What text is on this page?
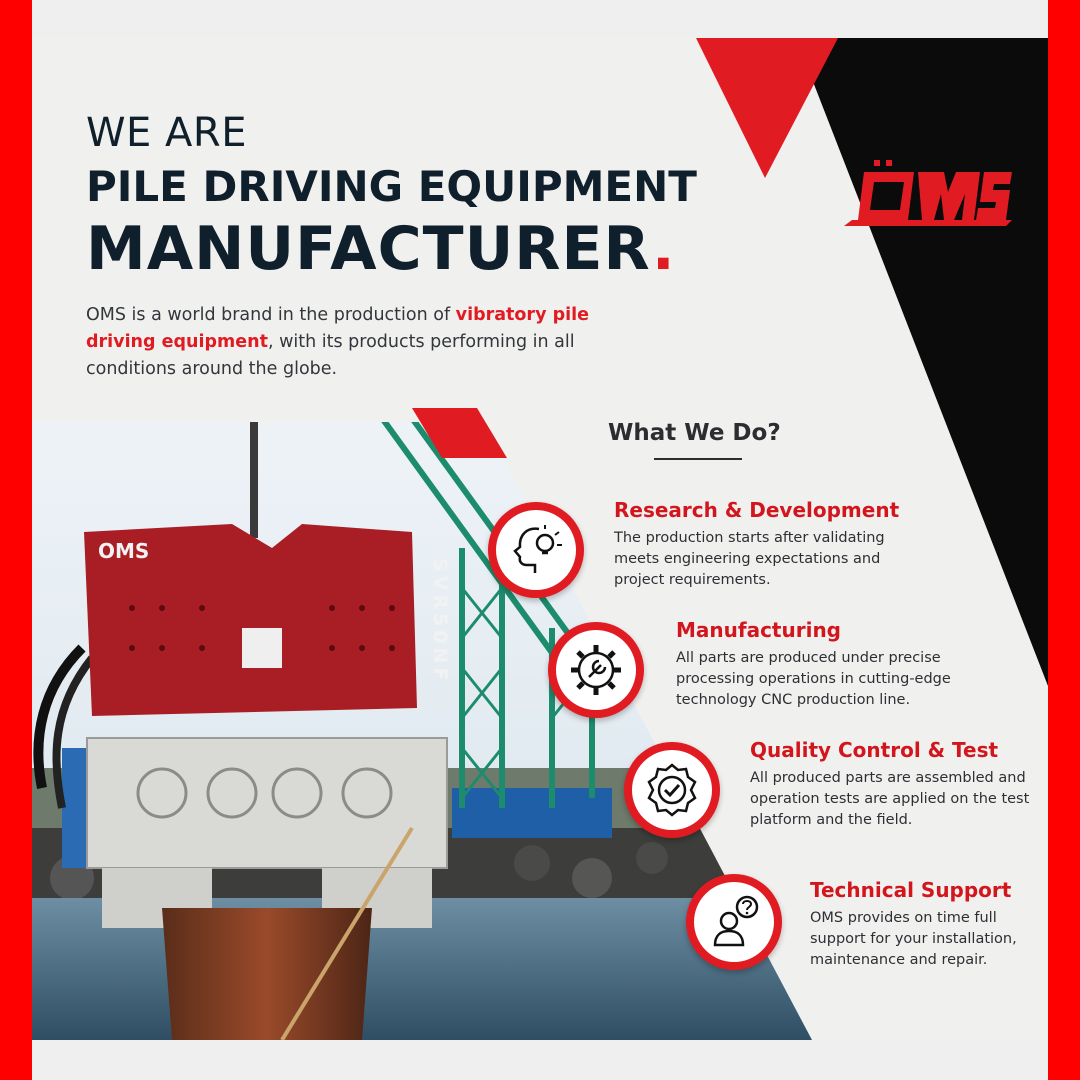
WE ARE
PILE DRIVING EQUIPMENT
MANUFACTURER.
OMS is a world brand in the production of vibratory pile driving equipment, with its products performing in all conditions around the globe.
OMS
SVR50NF
What We Do?
Research & Development
The production starts after validating meets engineering expectations and project requirements.
Manufacturing
All parts are produced under precise processing operations in cutting-edge technology CNC production line.
Quality Control & Test
All produced parts are assembled and operation tests are applied on the test platform and the field.
Technical Support
OMS provides on time full support for your installation, maintenance and repair.
